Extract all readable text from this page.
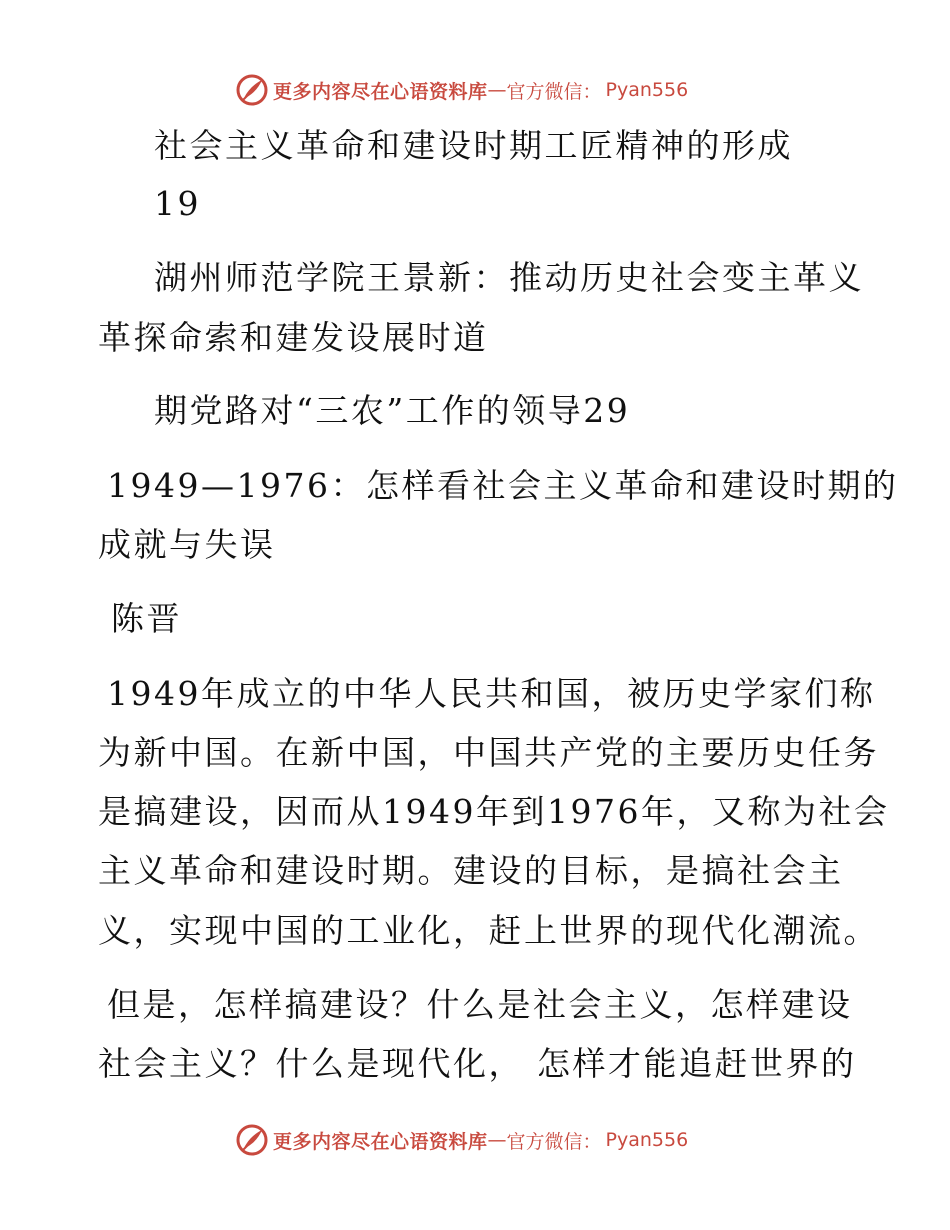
更多内容尽在心语资料库 — 官方微信： Pyan556
社会主义革命和建设时期工匠精神的形成
19
湖州师范学院王景新：推动历史社会变主革义
革探命索和建发设展时道
期党路对“三农”工作的领导29
1949—1976：怎样看社会主义革命和建设时期的
成就与失误
陈晋
1949年成立的中华人民共和国，被历史学家们称
为新中国。在新中国，中国共产党的主要历史任务
是搞建设，因而从1949年到1976年，又称为社会
主义革命和建设时期。建设的目标，是搞社会主
义，实现中国的工业化，赶上世界的现代化潮流。
但是，怎样搞建设？什么是社会主义，怎样建设
社会主义？什么是现代化， 怎样才能追赶世界的
更多内容尽在心语资料库 — 官方微信： Pyan556
